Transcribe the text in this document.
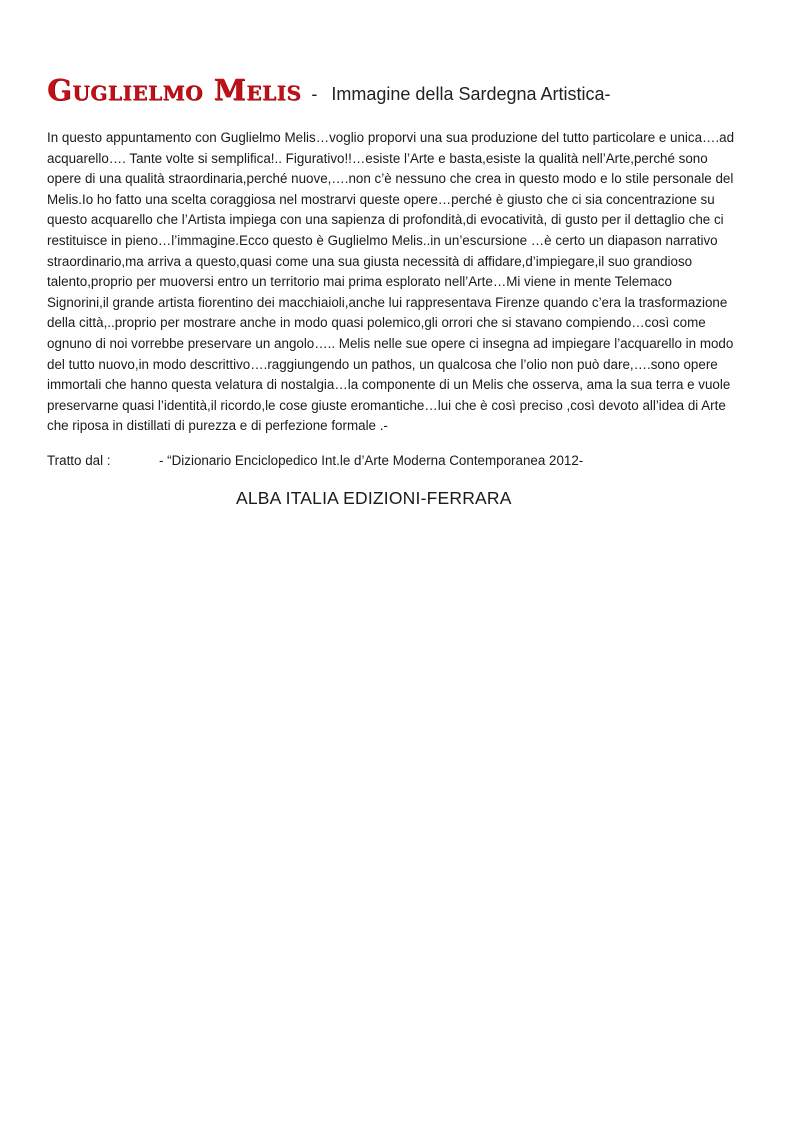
Guglielmo Melis - Immagine della Sardegna Artistica-
In questo appuntamento con Guglielmo Melis…voglio proporvi una sua produzione del tutto particolare e unica….ad
acquarello…. Tante volte si semplifica!.. Figurativo!!…esiste l’Arte e basta,esiste la qualità nell’Arte,perché sono
opere di una qualità straordinaria,perché nuove,….non c’è nessuno che crea in questo modo e lo stile personale del
Melis.Io ho fatto una scelta coraggiosa nel mostrarvi queste opere…perché è giusto che ci sia concentrazione su
questo acquarello che l’Artista impiega con una sapienza di profondità,di evocatività, di gusto per il dettaglio che ci
restituisce in pieno…l’immagine.Ecco questo è Guglielmo Melis..in un’escursione …è certo un diapason narrativo
straordinario,ma arriva a questo,quasi come una sua giusta necessità di affidare,d’impiegare,il suo grandioso
talento,proprio per muoversi entro un territorio mai prima esplorato nell’Arte…Mi viene in mente Telemaco
Signorini,il grande artista fiorentino dei macchiaioli,anche lui rappresentava Firenze quando c’era la trasformazione
della città,..proprio per mostrare anche in modo quasi polemico,gli orrori che si stavano compiendo…così come
ognuno di noi vorrebbe preservare un angolo….. Melis nelle sue opere ci insegna ad impiegare l’acquarello in modo
del tutto nuovo,in modo descrittivo….raggiungendo un pathos, un qualcosa che l’olio non può dare,….sono opere
immortali che hanno questa velatura di nostalgia…la componente di un Melis che osserva, ama la sua terra e vuole
preservarne quasi l’identità,il ricordo,le cose giuste eromantiche…lui che è così preciso ,così devoto all’idea di Arte
che riposa in distillati di purezza e di perfezione formale .-
Tratto dal :	- “Dizionario Enciclopedico Int.le d’Arte Moderna Contemporanea 2012-
ALBA ITALIA EDIZIONI-FERRARA
